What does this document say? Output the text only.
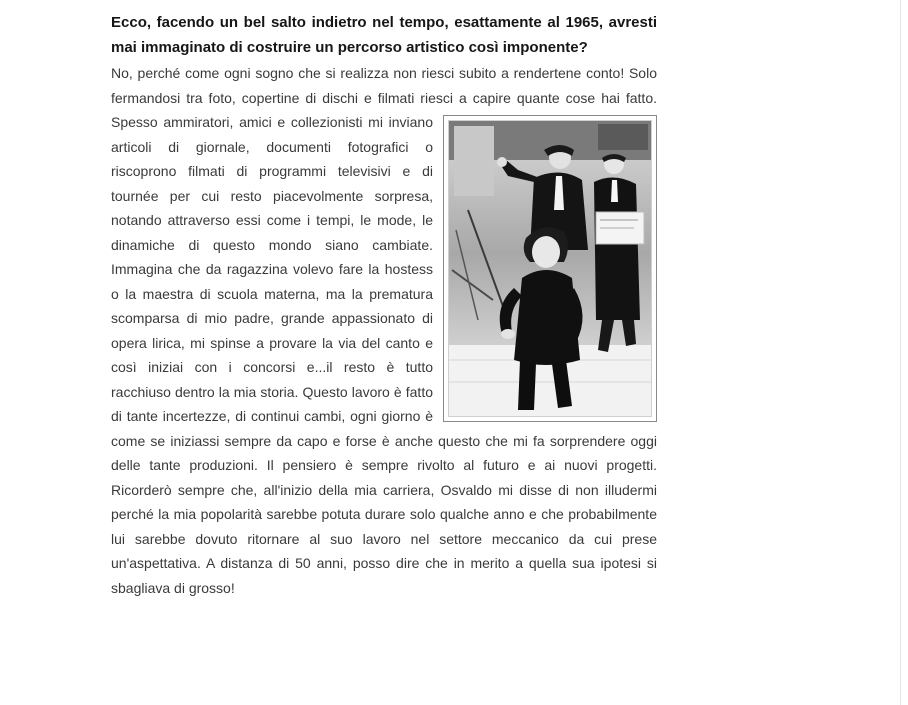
Ecco, facendo un bel salto indietro nel tempo, esattamente al 1965, avresti mai immaginato di costruire un percorso artistico così imponente?

No, perché come ogni sogno che si realizza non riesci subito a rendertene conto! Solo fermandosi tra foto, copertine di dischi e filmati riesci a capire quante cose hai fatto.
Spesso ammiratori, amici e collezionisti mi inviano articoli di giornale, documenti fotografici o riscoprono filmati di programmi televisivi e di tournée per cui resto piacevolmente sorpresa, notando attraverso essi come i tempi, le mode, le dinamiche di questo mondo siano cambiate. Immagina che da ragazzina volevo fare la hostess o la maestra di scuola materna, ma la prematura scomparsa di mio padre, grande appassionato di opera lirica, mi spinse a provare la via del canto e così iniziai con i concorsi e...il resto è tutto racchiuso dentro la mia storia. Questo lavoro è fatto di tante incertezze, di continui cambi, ogni giorno è come se iniziassi sempre da capo e forse è anche questo che mi fa sorprendere oggi delle tante produzioni. Il pensiero è sempre rivolto al futuro e ai nuovi progetti. Ricorderò sempre che, all'inizio della mia carriera, Osvaldo mi disse di non illudermi perché la mia popolarità sarebbe potuta durare solo qualche anno e che probabilmente lui sarebbe dovuto ritornare al suo lavoro nel settore meccanico da cui prese un'aspettativa. A distanza di 50 anni, posso dire che in merito a quella sua ipotesi si sbagliava di grosso!
